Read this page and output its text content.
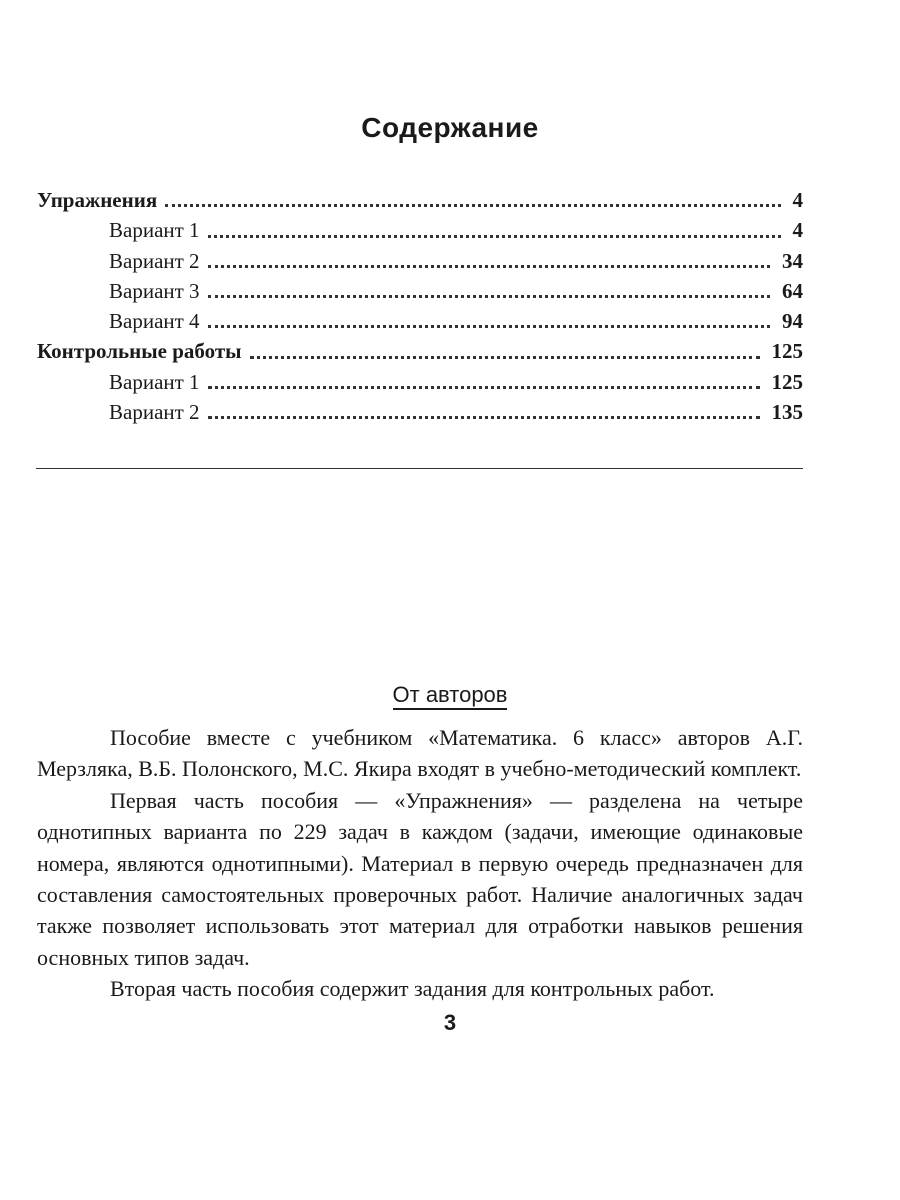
Содержание
Упражнения	4
Вариант 1	4
Вариант 2	34
Вариант 3	64
Вариант 4	94
Контрольные работы	125
Вариант 1	125
Вариант 2	135
От авторов

Пособие вместе с учебником «Математика. 6 класс» авторов А.Г. Мерзляка, В.Б. Полонского, М.С. Якира входят в учебно-методический комплект.

Первая часть пособия — «Упражнения» — разделена на четыре однотипных варианта по 229 задач в каждом (задачи, имеющие одинаковые номера, являются однотипными). Материал в первую очередь предназначен для составления самостоятельных проверочных работ. Наличие аналогичных задач также позволяет использовать этот материал для отработки навыков решения основных типов задач.

Вторая часть пособия содержит задания для контрольных работ.

3
